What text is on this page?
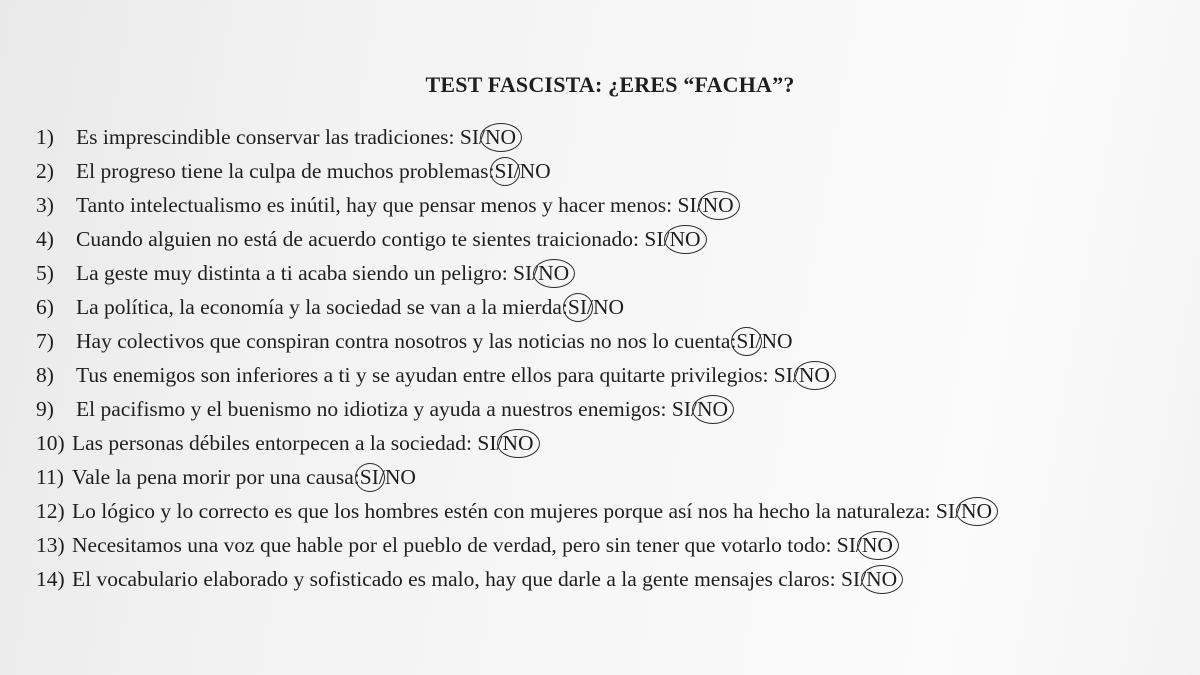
TEST FASCISTA: ¿ERES “FACHA”?
1) Es imprescindible conservar las tradiciones: SI/NO
2) El progreso tiene la culpa de muchos problemas:SI/NO
3) Tanto intelectualismo es inútil, hay que pensar menos y hacer menos: SI/NO
4) Cuando alguien no está de acuerdo contigo te sientes traicionado: SI/NO
5) La geste muy distinta a ti acaba siendo un peligro: SI/NO
6) La política, la economía y la sociedad se van a la mierda:SI/NO
7) Hay colectivos que conspiran contra nosotros y las noticias no nos lo cuenta:SI/NO
8) Tus enemigos son inferiores a ti y se ayudan entre ellos para quitarte privilegios: SI/NO
9) El pacifismo y el buenismo no idiotiza y ayuda a nuestros enemigos: SI/NO
10) Las personas débiles entorpecen a la sociedad: SI/NO
11) Vale la pena morir por una causa:SI/NO
12) Lo lógico y lo correcto es que los hombres estén con mujeres porque así nos ha hecho la naturaleza: SI/NO
13) Necesitamos una voz que hable por el pueblo de verdad, pero sin tener que votarlo todo: SI/NO
14) El vocabulario elaborado y sofisticado es malo, hay que darle a la gente mensajes claros: SI/NO
